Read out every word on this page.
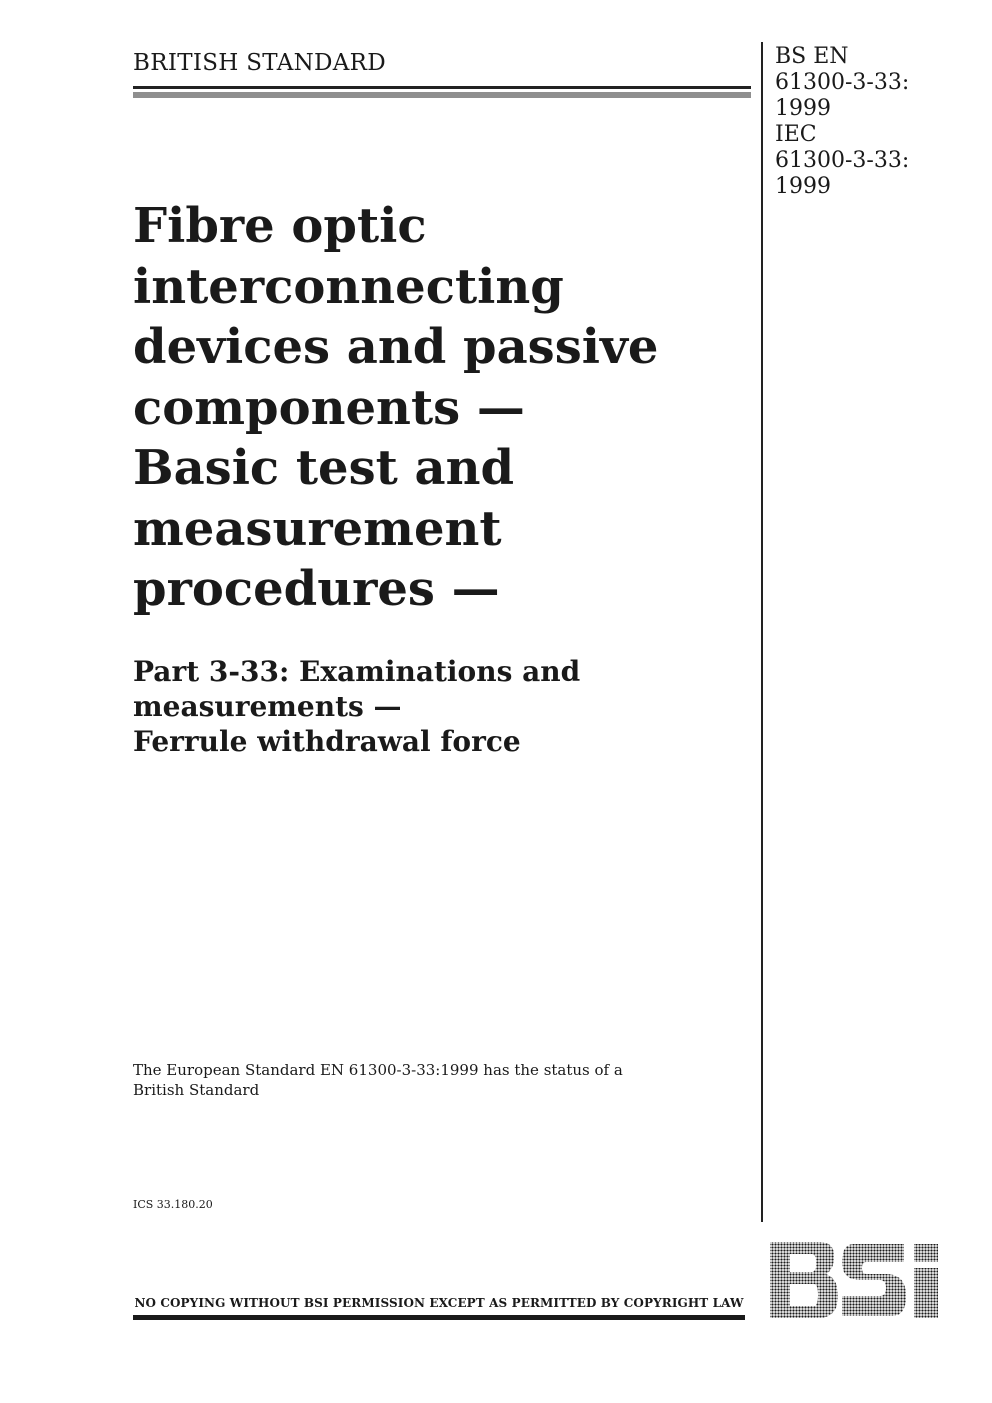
BRITISH STANDARD	BS EN
61300-3-33:
1999
IEC
61300-3-33:
1999
Fibre optic
interconnecting
devices and passive
components —
Basic test and
measurement
procedures —
Part 3-33: Examinations and
measurements —
Ferrule withdrawal force
The European Standard EN 61300-3-33:1999 has the status of a
British Standard
ICS 33.180.20
NO COPYING WITHOUT BSI PERMISSION EXCEPT AS PERMITTED BY COPYRIGHT LAW
